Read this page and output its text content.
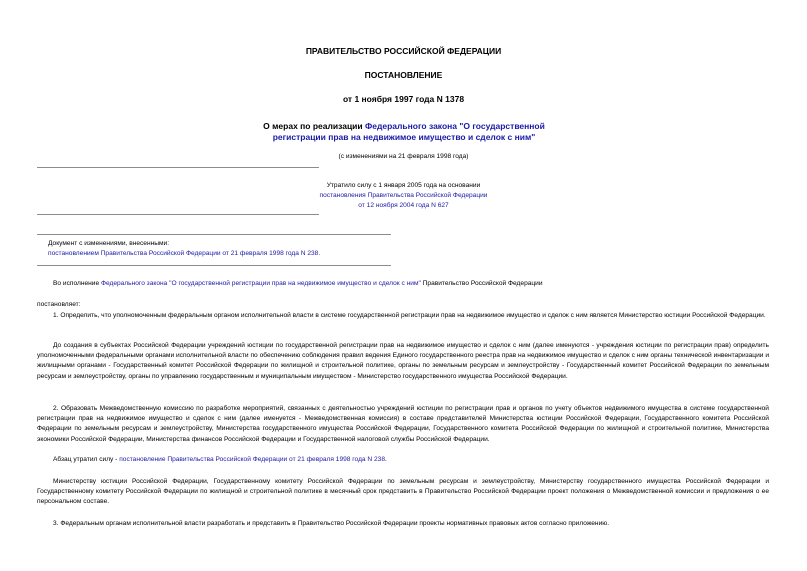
ПРАВИТЕЛЬСТВО РОССИЙСКОЙ ФЕДЕРАЦИИ
ПОСТАНОВЛЕНИЕ
от 1 ноября 1997 года N 1378
О мерах по реализации Федерального закона "О государственной регистрации прав на недвижимое имущество и сделок с ним"
(с изменениями на 21 февраля 1998 года)
Утратило силу с 1 января 2005 года на основании
постановления Правительства Российской Федерации
от 12 ноября 2004 года N 627
Документ с изменениями, внесенными:
постановлением Правительства Российской Федерации от 21 февраля 1998 года N 238.
Во исполнение Федерального закона "О государственной регистрации прав на недвижимое имущество и сделок с ним" Правительство Российской Федерации
постановляет:
1. Определить, что уполномоченным федеральным органом исполнительной власти в системе государственной регистрации прав на недвижимое имущество и сделок с ним является Министерство юстиции Российской Федерации.
До создания в субъектах Российской Федерации учреждений юстиции по государственной регистрации прав на недвижимое имущество и сделок с ним (далее именуются - учреждения юстиции по регистрации прав) определить уполномоченными федеральными органами исполнительной власти по обеспечению соблюдения правил ведения Единого государственного реестра прав на недвижимое имущество и сделок с ним органы технической инвентаризации и жилищными органами - Государственный комитет Российской Федерации по жилищной и строительной политике, органы по земельным ресурсам и землеустройству - Государственный комитет Российской Федерации по земельным ресурсам и землеустройству, органы по управлению государственным и муниципальным имуществом - Министерство государственного имущества Российской Федерации.
2. Образовать Межведомственную комиссию по разработке мероприятий, связанных с деятельностью учреждений юстиции по регистрации прав и органов по учету объектов недвижимого имущества в системе государственной регистрации прав на недвижимое имущество и сделок с ним (далее именуется - Межведомственная комиссия) в составе представителей Министерства юстиции Российской Федерации, Государственного комитета Российской Федерации по земельным ресурсам и землеустройству, Министерства государственного имущества Российской Федерации, Государственного комитета Российской Федерации по жилищной и строительной политике, Министерства экономики Российской Федерации, Министерства финансов Российской Федерации и Государственной налоговой службы Российской Федерации.
Абзац утратил силу - постановление Правительства Российской Федерации от 21 февраля 1998 года N 238.
Министерству юстиции Российской Федерации, Государственному комитету Российской Федерации по земельным ресурсам и землеустройству, Министерству государственного имущества Российской Федерации и Государственному комитету Российской Федерации по жилищной и строительной политике в месячный срок представить в Правительство Российской Федерации проект положения о Межведомственной комиссии и предложения о ее персональном составе.
3. Федеральным органам исполнительной власти разработать и представить в Правительство Российской Федерации проекты нормативных правовых актов согласно приложению.
